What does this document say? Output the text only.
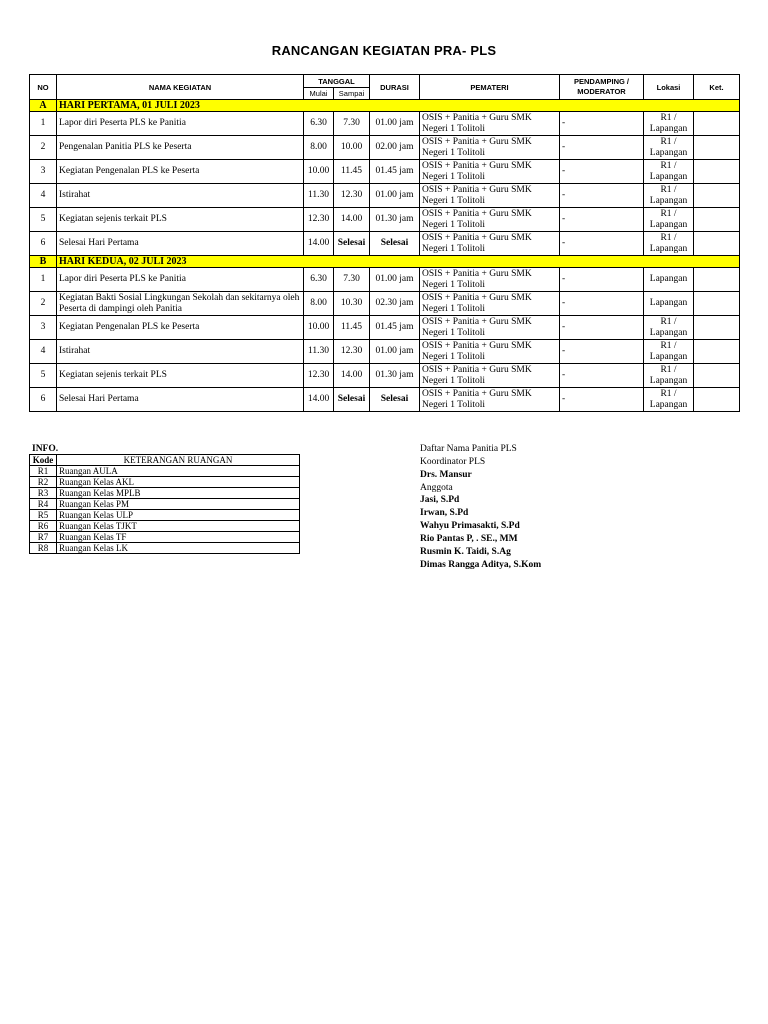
RANCANGAN KEGIATAN PRA- PLS
NO	NAMA KEGIATAN	TANGGAL		DURASI	PEMATERI	PENDAMPING / MODERATOR	Lokasi	Ket.
		Mulai	Sampai					
A	HARI PERTAMA, 01 JULI 2023							
1	Lapor diri Peserta PLS ke Panitia	6.30	7.30	01.00 jam	OSIS + Panitia + Guru SMK Negeri 1 Tolitoli	-	R1 / Lapangan	
2	Pengenalan Panitia PLS ke Peserta	8.00	10.00	02.00 jam	OSIS + Panitia + Guru SMK Negeri 1 Tolitoli	-	R1 / Lapangan	
3	Kegiatan Pengenalan PLS ke Peserta	10.00	11.45	01.45 jam	OSIS + Panitia + Guru SMK Negeri 1 Tolitoli	-	R1 / Lapangan	
4	Istirahat	11.30	12.30	01.00 jam	OSIS + Panitia + Guru SMK Negeri 1 Tolitoli	-	R1 / Lapangan	
5	Kegiatan sejenis terkait PLS	12.30	14.00	01.30 jam	OSIS + Panitia + Guru SMK Negeri 1 Tolitoli	-	R1 / Lapangan	
6	Selesai Hari Pertama	14.00	Selesai	Selesai	OSIS + Panitia + Guru SMK Negeri 1 Tolitoli	-	R1 / Lapangan	
B	HARI KEDUA, 02 JULI 2023							
1	Lapor diri Peserta PLS ke Panitia	6.30	7.30	01.00 jam	OSIS + Panitia + Guru SMK Negeri 1 Tolitoli	-	Lapangan	
2	Kegiatan Bakti Sosial Lingkungan Sekolah dan sekitarnya oleh Peserta di dampingi oleh Panitia	8.00	10.30	02.30 jam	OSIS + Panitia + Guru SMK Negeri 1 Tolitoli	-	Lapangan	
3	Kegiatan Pengenalan PLS ke Peserta	10.00	11.45	01.45 jam	OSIS + Panitia + Guru SMK Negeri 1 Tolitoli	-	R1 / Lapangan	
4	Istirahat	11.30	12.30	01.00 jam	OSIS + Panitia + Guru SMK Negeri 1 Tolitoli	-	R1 / Lapangan	
5	Kegiatan sejenis terkait PLS	12.30	14.00	01.30 jam	OSIS + Panitia + Guru SMK Negeri 1 Tolitoli	-	R1 / Lapangan	
6	Selesai Hari Pertama	14.00	Selesai	Selesai	OSIS + Panitia + Guru SMK Negeri 1 Tolitoli	-	R1 / Lapangan	
INFO.
Kode	KETERANGAN RUANGAN
R1	Ruangan AULA
R2	Ruangan Kelas AKL
R3	Ruangan Kelas MPLB
R4	Ruangan Kelas PM
R5	Ruangan Kelas ULP
R6	Ruangan Kelas TJKT
R7	Ruangan Kelas TF
R8	Ruangan Kelas LK
Daftar Nama Panitia PLS
Koordinator PLS
Drs. Mansur
Anggota
Jasi, S.Pd
Irwan, S.Pd
Wahyu Primasakti, S.Pd
Rio Pantas P, . SE., MM
Rusmin K. Taidi, S.Ag
Dimas Rangga Aditya, S.Kom
